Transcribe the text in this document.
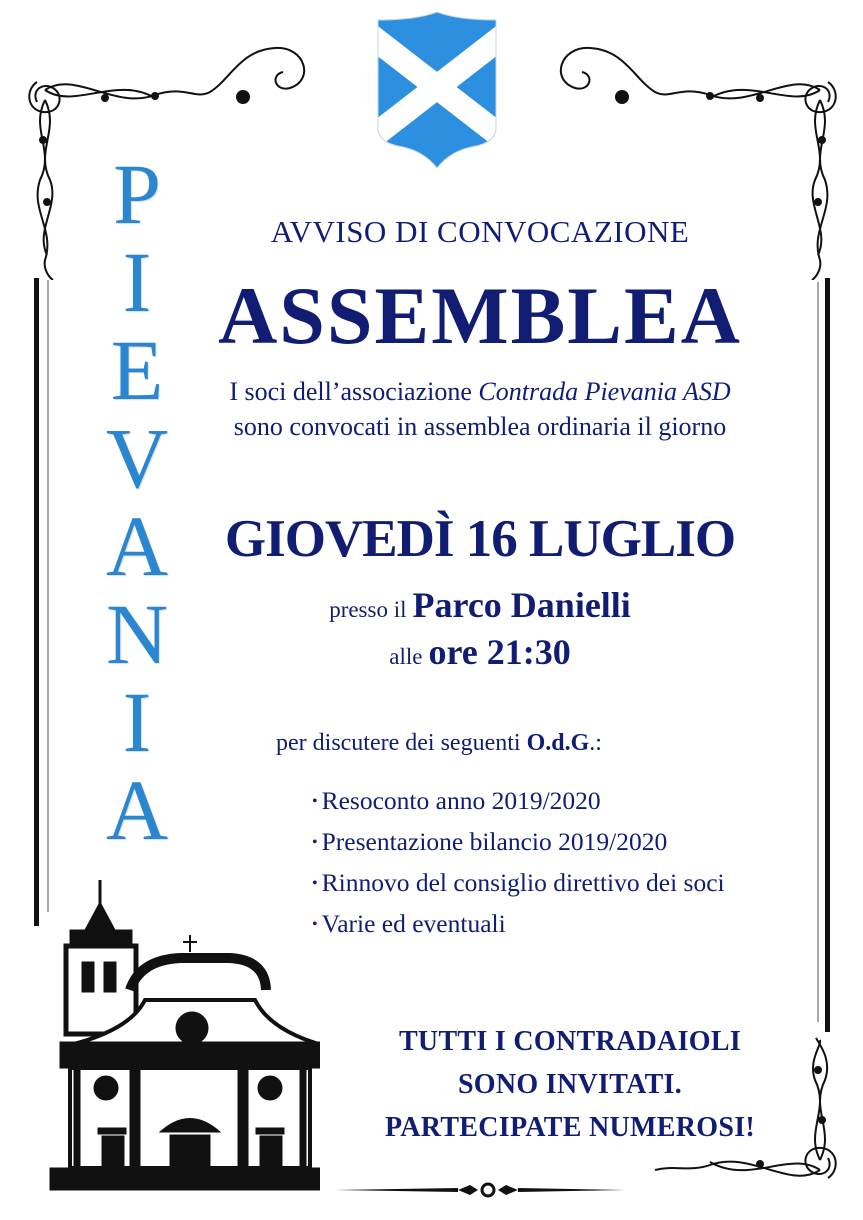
P
I
E
V
A
N
I
A
AVVISO DI CONVOCAZIONE
ASSEMBLEA
I soci dell’associazione Contrada Pievania ASD
sono convocati in assemblea ordinaria il giorno
GIOVEDÌ 16 LUGLIO
presso il Parco Danielli
alle ore 21:30
per discutere dei seguenti O.d.G.:
• Resoconto anno 2019/2020
• Presentazione bilancio 2019/2020
• Rinnovo del consiglio direttivo dei soci
• Varie ed eventuali
TUTTI I CONTRADAIOLI
SONO INVITATI.
PARTECIPATE NUMEROSI!
